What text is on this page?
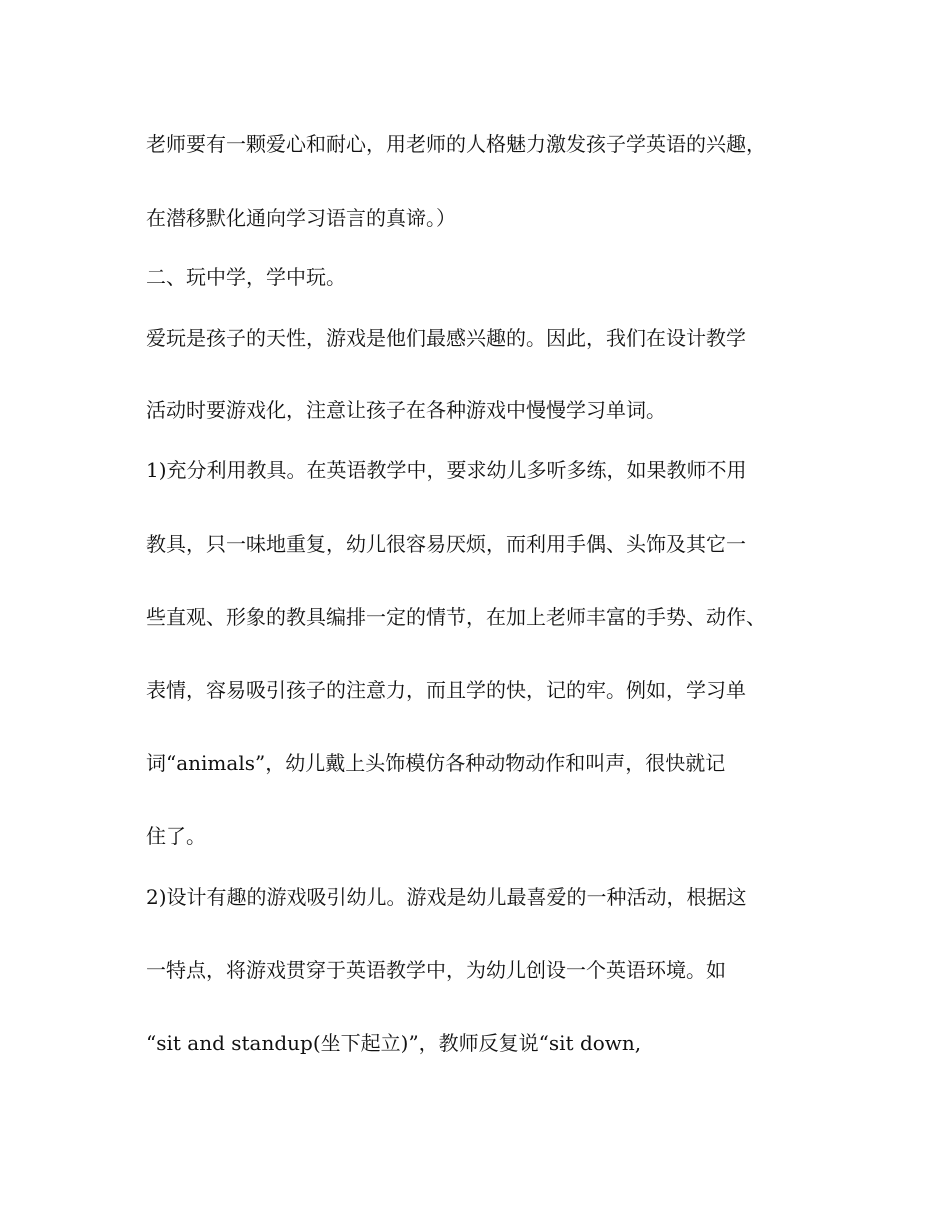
老师要有一颗爱心和耐心，用老师的人格魅力激发孩子学英语的兴趣，
在潜移默化通向学习语言的真谛。）
二、玩中学，学中玩。
爱玩是孩子的天性，游戏是他们最感兴趣的。因此，我们在设计教学
活动时要游戏化，注意让孩子在各种游戏中慢慢学习单词。
1)充分利用教具。在英语教学中，要求幼儿多听多练，如果教师不用
教具，只一味地重复，幼儿很容易厌烦，而利用手偶、头饰及其它一
些直观、形象的教具编排一定的情节，在加上老师丰富的手势、动作、
表情，容易吸引孩子的注意力，而且学的快，记的牢。例如，学习单
词“animals”，幼儿戴上头饰模仿各种动物动作和叫声，很快就记
住了。
2)设计有趣的游戏吸引幼儿。游戏是幼儿最喜爱的一种活动，根据这
一特点，将游戏贯穿于英语教学中，为幼儿创设一个英语环境。如
“sit and standup(坐下起立)”，教师反复说“sit down,
